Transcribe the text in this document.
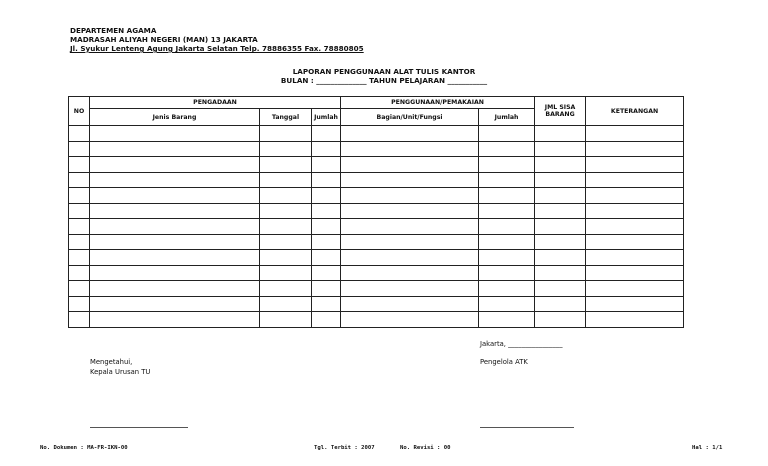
DEPARTEMEN AGAMA
MADRASAH ALIYAH NEGERI (MAN) 13 JAKARTA
Jl. Syukur Lenteng Agung Jakarta Selatan Telp. 78886355 Fax. 78880805
LAPORAN PENGGUNAAN ALAT TULIS KANTOR
BULAN : ______________ TAHUN PELAJARAN ___________
NO	PENGADAAN			PENGGUNAAN/PEMAKAIAN		JML SISA BARANG	KETERANGAN
	Jenis Barang	Tanggal	Jumlah	Bagian/Unit/Fungsi	Jumlah		

Jakarta, ________________
Mengetahui,
Kepala Urusan TU
Pengelola ATK
No. Dokumen : MA-FR-IKN-00	Tgl. Terbit : 2007	No. Revisi : 00	Hal : 1/1
